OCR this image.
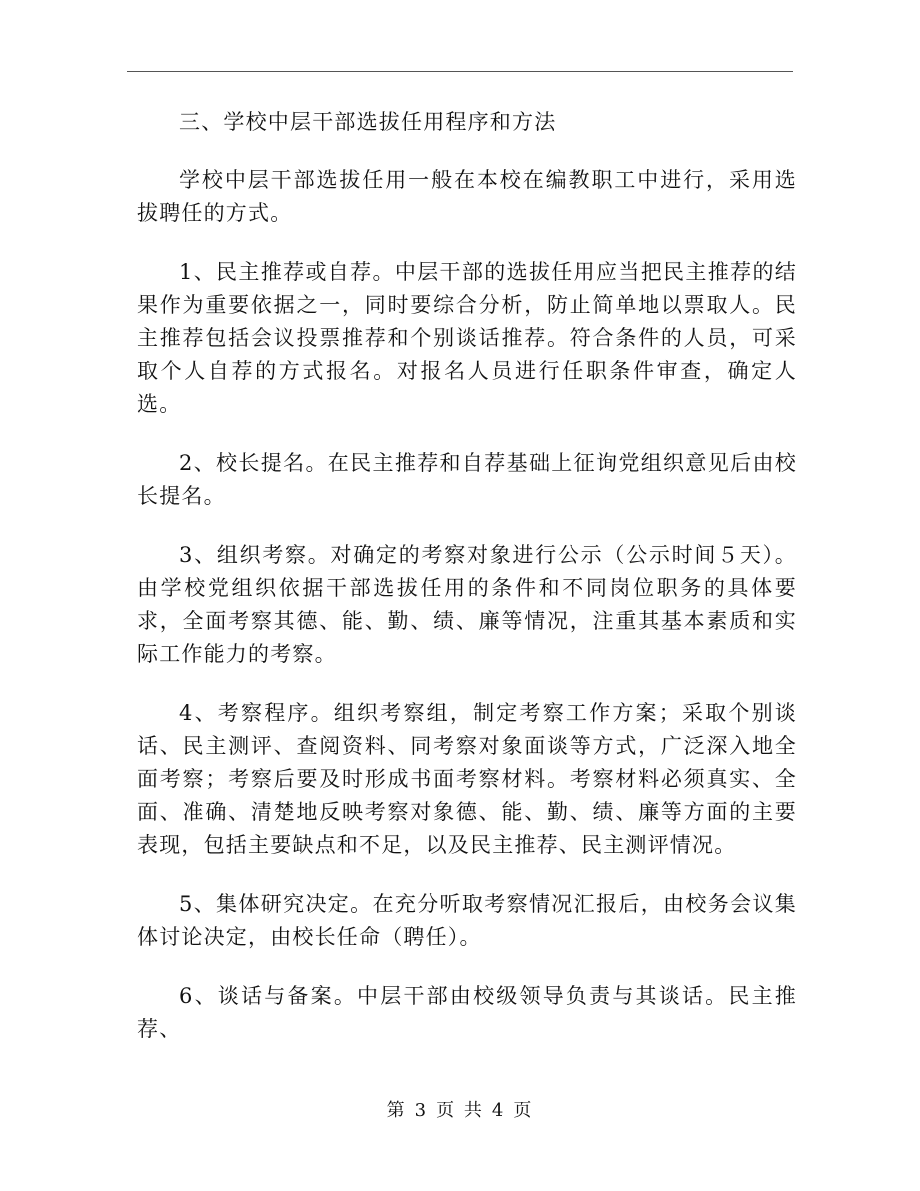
三、学校中层干部选拔任用程序和方法

学校中层干部选拔任用一般在本校在编教职工中进行，采用选拔聘任的方式。

1、民主推荐或自荐。中层干部的选拔任用应当把民主推荐的结果作为重要依据之一，同时要综合分析，防止简单地以票取人。民主推荐包括会议投票推荐和个别谈话推荐。符合条件的人员，可采取个人自荐的方式报名。对报名人员进行任职条件审查，确定人选。

2、校长提名。在民主推荐和自荐基础上征询党组织意见后由校长提名。

3、组织考察。对确定的考察对象进行公示（公示时间５天）。由学校党组织依据干部选拔任用的条件和不同岗位职务的具体要求，全面考察其德、能、勤、绩、廉等情况，注重其基本素质和实际工作能力的考察。

4、考察程序。组织考察组，制定考察工作方案；采取个别谈话、民主测评、查阅资料、同考察对象面谈等方式，广泛深入地全面考察；考察后要及时形成书面考察材料。考察材料必须真实、全面、准确、清楚地反映考察对象德、能、勤、绩、廉等方面的主要表现，包括主要缺点和不足，以及民主推荐、民主测评情况。

5、集体研究决定。在充分听取考察情况汇报后，由校务会议集体讨论决定，由校长任命（聘任）。

6、谈话与备案。中层干部由校级领导负责与其谈话。民主推荐、

第 3 页 共 4 页
